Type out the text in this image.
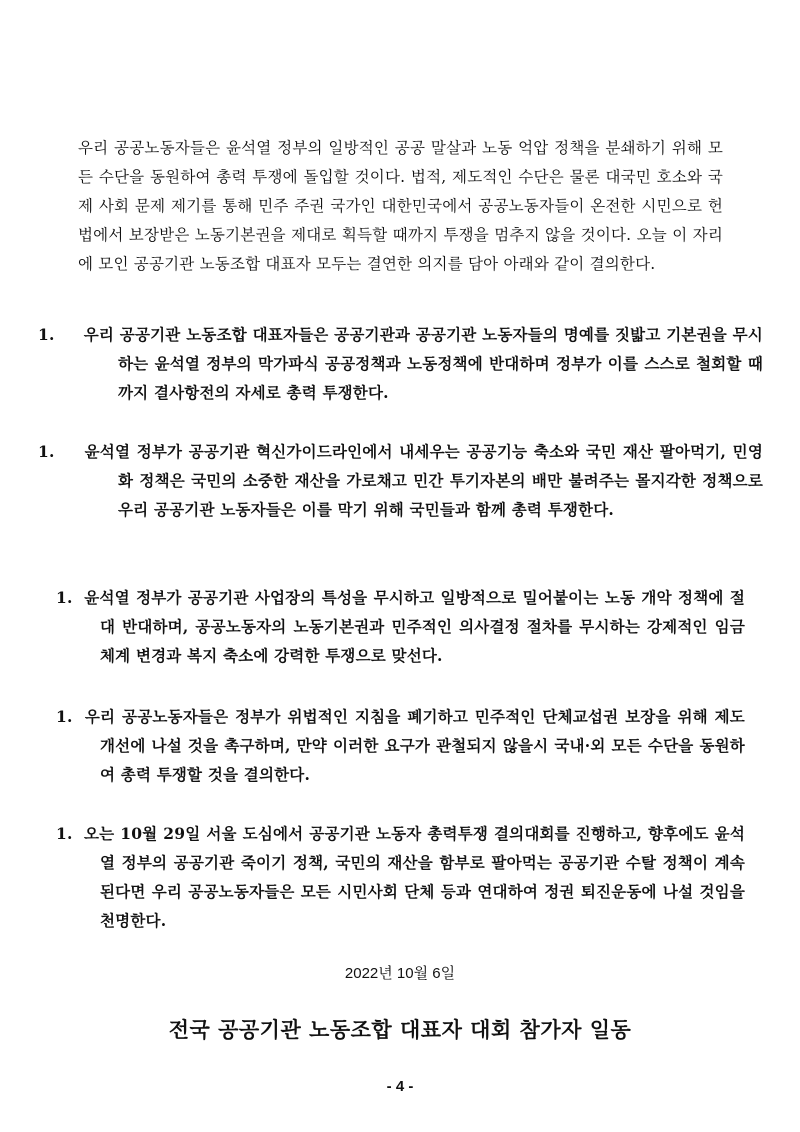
우리 공공노동자들은 윤석열 정부의 일방적인 공공 말살과 노동 억압 정책을 분쇄하기 위해 모든 수단을 동원하여 총력 투쟁에 돌입할 것이다. 법적, 제도적인 수단은 물론 대국민 호소와 국제 사회 문제 제기를 통해 민주 주권 국가인 대한민국에서 공공노동자들이 온전한 시민으로 헌법에서 보장받은 노동기본권을 제대로 획득할 때까지 투쟁을 멈추지 않을 것이다. 오늘 이 자리에 모인 공공기관 노동조합 대표자 모두는 결연한 의지를 담아 아래와 같이 결의한다.

1. 우리 공공기관 노동조합 대표자들은 공공기관과 공공기관 노동자들의 명예를 짓밟고 기본권을 무시하는 윤석열 정부의 막가파식 공공정책과 노동정책에 반대하며 정부가 이를 스스로 철회할 때까지 결사항전의 자세로 총력 투쟁한다.
1. 윤석열 정부가 공공기관 혁신가이드라인에서 내세우는 공공기능 축소와 국민 재산 팔아먹기, 민영화 정책은 국민의 소중한 재산을 가로채고 민간 투기자본의 배만 불려주는 몰지각한 정책으로 우리 공공기관 노동자들은 이를 막기 위해 국민들과 함께 총력 투쟁한다.
1. 윤석열 정부가 공공기관 사업장의 특성을 무시하고 일방적으로 밀어붙이는 노동 개악 정책에 절대 반대하며, 공공노동자의 노동기본권과 민주적인 의사결정 절차를 무시하는 강제적인 임금체계 변경과 복지 축소에 강력한 투쟁으로 맞선다.
1. 우리 공공노동자들은 정부가 위법적인 지침을 폐기하고 민주적인 단체교섭권 보장을 위해 제도 개선에 나설 것을 촉구하며, 만약 이러한 요구가 관철되지 않을시 국내·외 모든 수단을 동원하여 총력 투쟁할 것을 결의한다.
1. 오는 10월 29일 서울 도심에서 공공기관 노동자 총력투쟁 결의대회를 진행하고, 향후에도 윤석열 정부의 공공기관 죽이기 정책, 국민의 재산을 함부로 팔아먹는 공공기관 수탈 정책이 계속된다면 우리 공공노동자들은 모든 시민사회 단체 등과 연대하여 정권 퇴진운동에 나설 것임을 천명한다.
2022년 10월 6일
전국 공공기관 노동조합 대표자 대회 참가자 일동
- 4 -
